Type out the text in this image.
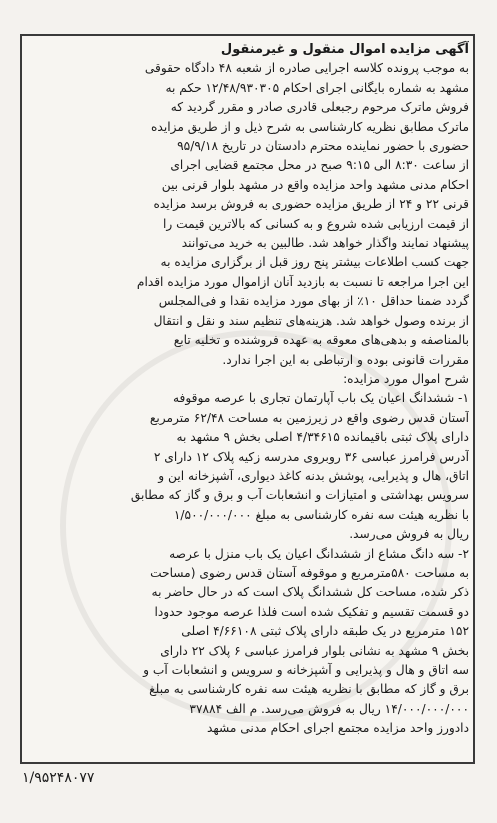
آگهی مزایده اموال منقول و غیرمنقول
به موجب پرونده کلاسه اجرایی صادره از شعبه ۴۸ دادگاه حقوقی
مشهد به شماره بایگانی اجرای احکام ۱۲/۴۸/۹۳۰۳۰۵ حکم به
فروش ماترک مرحوم رجبعلی قادری صادر و مقرر گردید که
ماترک مطابق نظریه کارشناسی به شرح ذیل و از طریق مزایده
حضوری با حضور نماینده محترم دادستان در تاریخ ۹۵/۹/۱۸
از ساعت ۸:۳۰ الی ۹:۱۵ صبح در محل مجتمع قضایی اجرای
احکام مدنی مشهد واحد مزایده واقع در مشهد بلوار قرنی بین
قرنی ۲۲ و ۲۴ از طریق مزایده حضوری به فروش برسد مزایده
از قیمت ارزیابی شده شروع و به کسانی که بالاترین قیمت را
پیشنهاد نمایند واگذار خواهد شد. طالبین به خرید می‌توانند
جهت کسب اطلاعات بیشتر پنج روز قبل از برگزاری مزایده به
این اجرا مراجعه تا نسبت به بازدید آنان ازاموال مورد مزایده اقدام
گردد ضمنا حداقل ۱۰٪ از بهای مورد مزایده نقدا و فی‌المجلس
از برنده وصول خواهد شد. هزینه‌های تنظیم سند و نقل و انتقال
بالمناصفه و بدهی‌های معوقه به عهده فروشنده و تخلیه تابع
مقررات قانونی بوده و ارتباطی به این اجرا ندارد.
شرح اموال مورد مزایده:
۱- ششدانگ اعیان یک باب آپارتمان تجاری با عرصه موقوفه
آستان قدس رضوی واقع در زیرزمین به مساحت ۶۲/۴۸ مترمربع
دارای پلاک ثبتی باقیمانده ۴/۳۴۶۱۵ اصلی بخش ۹ مشهد به
آدرس فرامرز عباسی ۳۶ روبروی مدرسه زکیه پلاک ۱۲ دارای ۲
اتاق، هال و پذیرایی، پوشش بدنه کاغذ دیواری، آشپزخانه این و
سرویس بهداشتی و امتیازات و انشعابات آب و برق و گاز که مطابق
با نظریه هیئت سه نفره کارشناسی به مبلغ ۱/۵۰۰/۰۰۰/۰۰۰
ریال به فروش می‌رسد.
۲- سه دانگ مشاع از ششدانگ اعیان یک باب منزل با عرصه
به مساحت ۵۸۰مترمربع و موقوفه آستان قدس رضوی (مساحت
ذکر شده، مساحت کل ششدانگ پلاک است که در حال حاضر به
دو قسمت تقسیم و تفکیک شده است فلذا عرصه موجود حدودا
۱۵۲ مترمربع در یک طبقه دارای پلاک ثبتی ۴/۶۶۱۰۸ اصلی
بخش ۹ مشهد به نشانی بلوار فرامرز عباسی ۶ پلاک ۲۲ دارای
سه اتاق و هال و پذیرایی و آشپزخانه و سرویس و انشعابات آب و
برق و گاز که مطابق با نظریه هیئت سه نفره کارشناسی به مبلغ
۱۴/۰۰۰/۰۰۰/۰۰۰ ریال به فروش می‌رسد. م الف ۳۷۸۸۴
دادورز واحد مزایده مجتمع اجرای احکام مدنی مشهد
۱/۹۵۲۴۸۰۷۷
